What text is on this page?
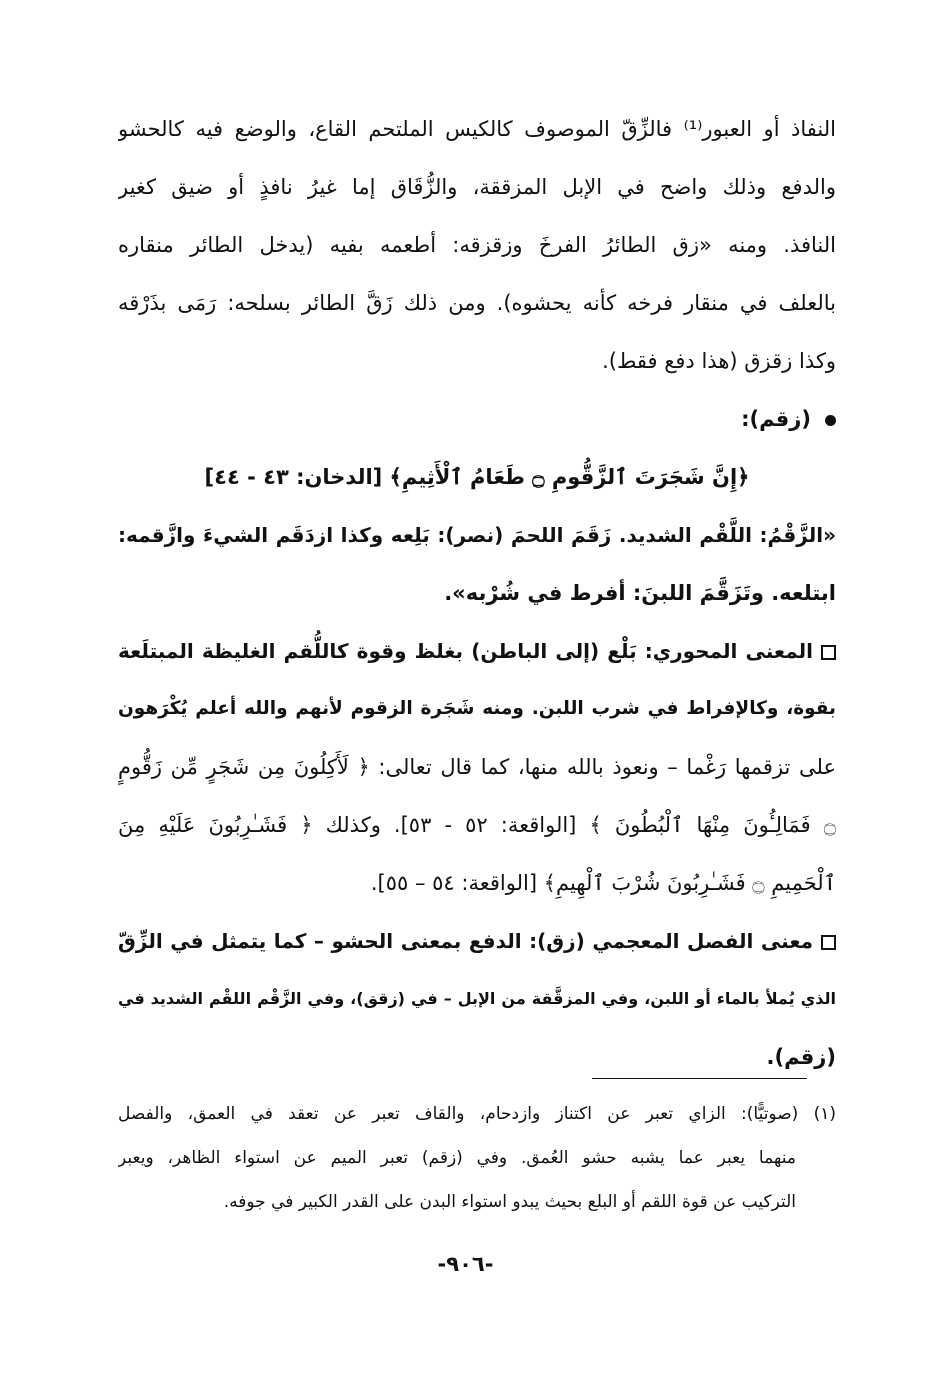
النفاذ أو العبور⁽¹⁾ فالزِّقّ الموصوف كالكيس الملتحم القاع، والوضع فيه كالحشو
والدفع وذلك واضح في الإبل المزققة، والزُّقَاق إما غيرُ نافذٍ أو ضيق كغير
النافذ. ومنه «زق الطائرُ الفرخَ وزقزقه: أطعمه بفيه (يدخل الطائر منقاره
بالعلف في منقار فرخه كأنه يحشوه). ومن ذلك زَقَّ الطائر بسلحه: رَمَى بذَرْقه
وكذا زقزق (هذا دفع فقط).
(زقم):
﴿إِنَّ شَجَرَتَ ٱلزَّقُّومِ ۝ طَعَامُ ٱلْأَثِيمِ﴾ [الدخان: ٤٣ - ٤٤]
«الزَّقْمُ: اللَّقْم الشديد. زَقَمَ اللحمَ (نصر): بَلِعه وكذا ازدَقَم الشيءَ وازَّقمه:
ابتلعه. وتَزَقَّمَ اللبنَ: أفرط في شُرْبه».
المعنى المحوري: بَلْع (إلى الباطن) بغلظ وقوة كاللُّقم الغليظة المبتلَعة
بقوة، وكالإفراط في شرب اللبن. ومنه شَجَرة الزقوم لأنهم والله أعلم يُكْرَهون
على تزقمها رَغْما – ونعوذ بالله منها، كما قال تعالى: ﴿ لَأَكِلُونَ مِن شَجَرٍ مِّن زَقُّومٍ
۝ فَمَالِـُٔونَ مِنْهَا ٱلْبُطُونَ ﴾ [الواقعة: ٥٢ - ٥٣]. وكذلك ﴿ فَشَـٰرِبُونَ عَلَيْهِ مِنَ
ٱلْحَمِيمِ ۝ فَشَـٰرِبُونَ شُرْبَ ٱلْهِيمِ﴾ [الواقعة: ٥٤ – ٥٥].
معنى الفصل المعجمي (زق): الدفع بمعنى الحشو – كما يتمثل في الزِّقّ
الذي يُملأ بالماء أو اللبن، وفي المزقَّقة من الإبل – في (زقق)، وفي الزَّقْم اللقْم الشديد في
(زقم).
(١) (صوتيًّا): الزاي تعبر عن اكتناز وازدحام، والقاف تعبر عن تعقد في العمق، والفصل
منهما يعبر عما يشبه حشو العُمق. وفي (زقم) تعبر الميم عن استواء الظاهر، ويعبر
التركيب عن قوة اللقم أو البلع بحيث يبدو استواء البدن على القدر الكبير في جوفه.
-٩٠٦-
